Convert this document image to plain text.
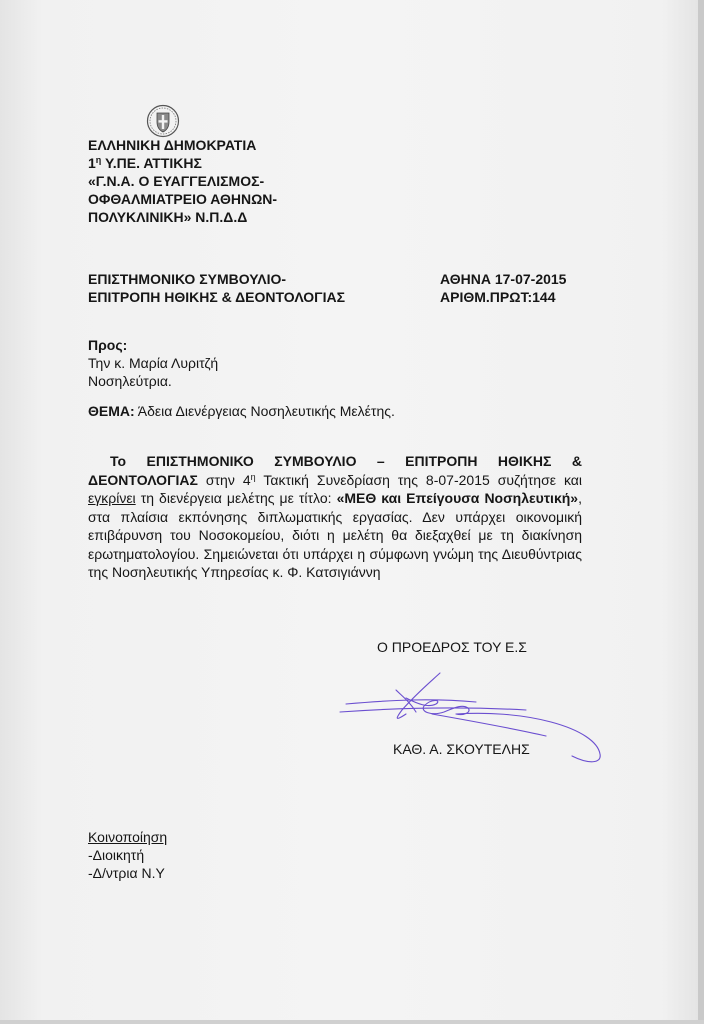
ΕΛΛΗΝΙΚΗ ΔΗΜΟΚΡΑΤΙΑ
$1^\eta$ Υ.ΠΕ. ΑΤΤΙΚΗΣ
«Γ.Ν.Α. Ο ΕΥΑΓΓΕΛΙΣΜΟΣ-
ΟΦΘΑΛΜΙΑΤΡΕΙΟ ΑΘΗΝΩΝ-
ΠΟΛΥΚΛΙΝΙΚΗ» Ν.Π.Δ.Δ
ΕΠΙΣΤΗΜΟΝΙΚΟ ΣΥΜΒΟΥΛΙΟ-
ΕΠΙΤΡΟΠΗ ΗΘΙΚΗΣ & ΔΕΟΝΤΟΛΟΓΙΑΣ
ΑΘΗΝΑ 17-07-2015
ΑΡΙΘΜ.ΠΡΩΤ:144
Προς:
Την κ. Μαρία Λυριτζή
Νοσηλεύτρια.
ΘΕΜΑ: Άδεια Διενέργειας Νοσηλευτικής Μελέτης.
Το ΕΠΙΣΤΗΜΟΝΙΚΟ ΣΥΜΒΟΥΛΙΟ – ΕΠΙΤΡΟΠΗ ΗΘΙΚΗΣ & ΔΕΟΝΤΟΛΟΓΙΑΣ στην $4^\eta$ Τακτική Συνεδρίαση της 8-07-2015 συζήτησε και εγκρίνει τη διενέργεια μελέτης με τίτλο: «ΜΕΘ και Επείγουσα Νοσηλευτική», στα πλαίσια εκπόνησης διπλωματικής εργασίας. Δεν υπάρχει οικονομική επιβάρυνση του Νοσοκομείου, διότι η μελέτη θα διεξαχθεί με τη διακίνηση ερωτηματολογίου. Σημειώνεται ότι υπάρχει η σύμφωνη γνώμη της Διευθύντριας της Νοσηλευτικής Υπηρεσίας κ. Φ. Κατσιγιάννη
Ο ΠΡΟΕΔΡΟΣ ΤΟΥ Ε.Σ
ΚΑΘ. Α. ΣΚΟΥΤΕΛΗΣ
Κοινοποίηση
-Διοικητή
-Δ/ντρια Ν.Υ
